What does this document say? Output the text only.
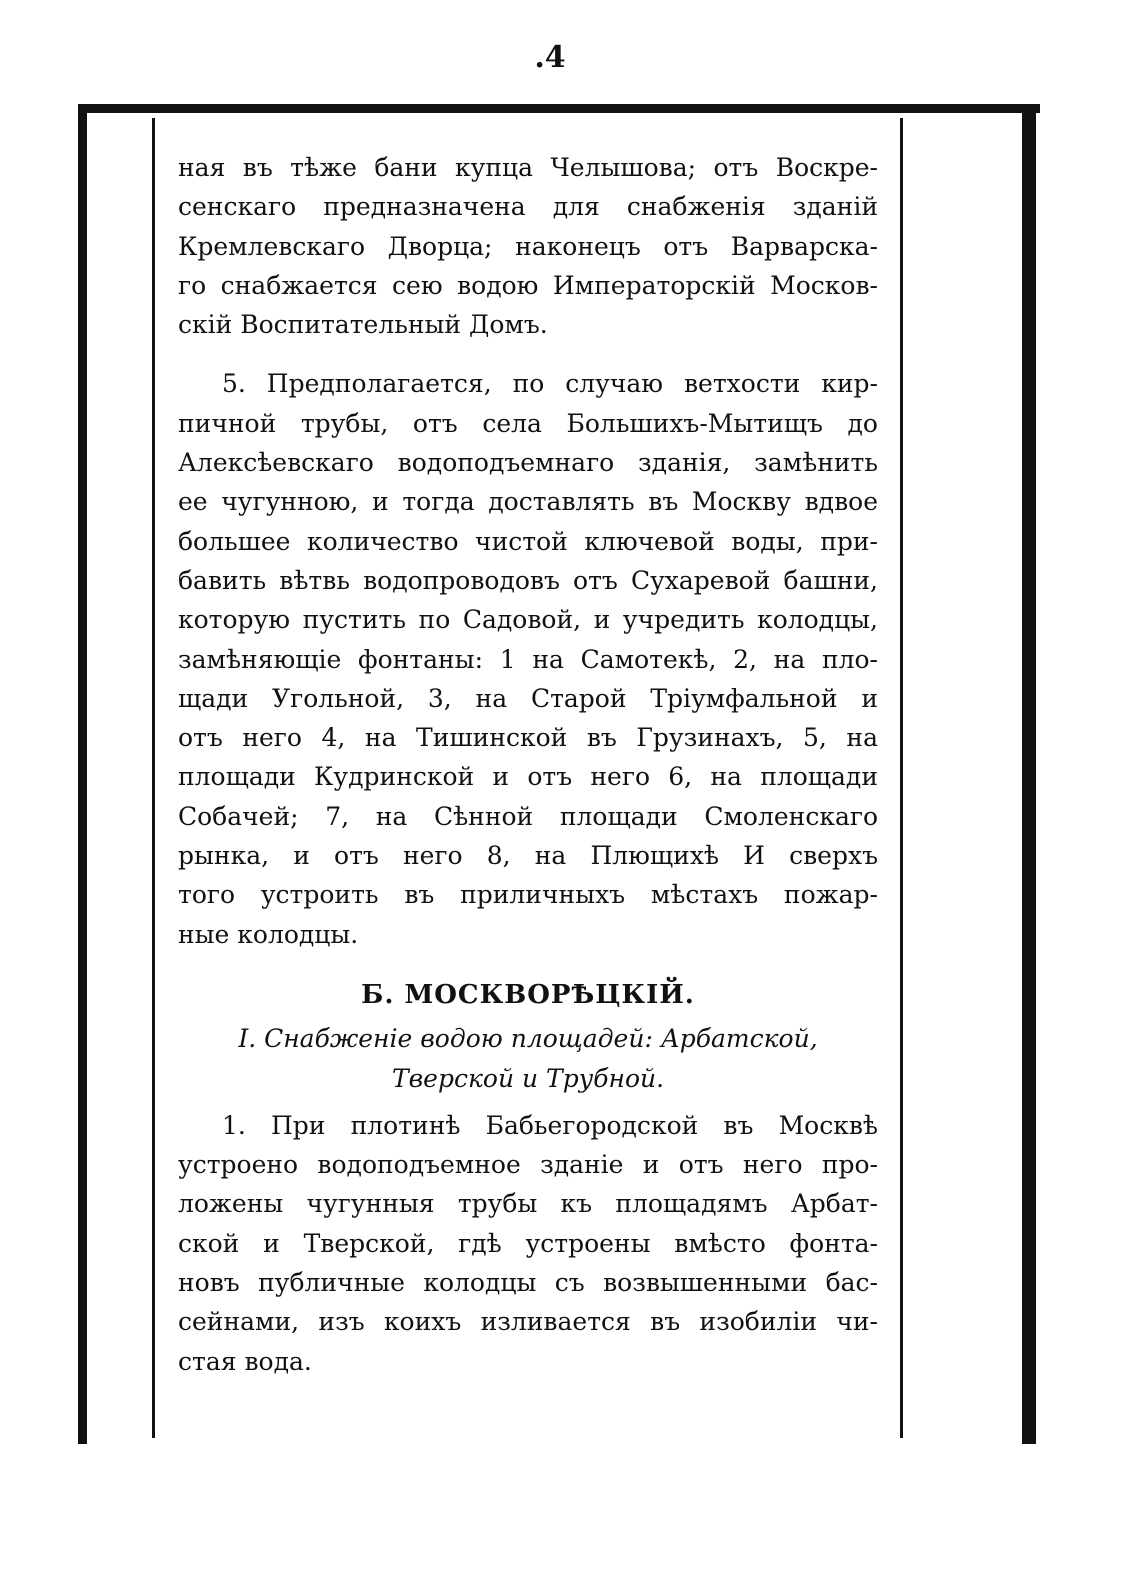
.4
ная въ тѣже бани купца Челышова; отъ Воскре-
сенскаго предназначена для снабженія зданій
Кремлевскаго Дворца; наконецъ отъ Варварска-
го снабжается сею водою Императорскій Москов-
скій Воспитательный Домъ.
5. Предполагается, по случаю ветхости кир-
пичной трубы, отъ села Большихъ-Мытищъ до
Алексѣевскаго водоподъемнаго зданія, замѣнить
ее чугунною, и тогда доставлять въ Москву вдвое
большее количество чистой ключевой воды, при-
бавить вѣтвь водопроводовъ отъ Сухаревой башни,
которую пустить по Садовой, и учредить колодцы,
замѣняющіе фонтаны: 1 на Самотекѣ, 2, на пло-
щади Угольной, 3, на Старой Тріумфальной и
отъ него 4, на Тишинской въ Грузинахъ, 5, на
площади Кудринской и отъ него 6, на площади
Собачей; 7, на Сѣнной площади Смоленскаго
рынка, и отъ него 8, на Плющихѣ И сверхъ
того устроить въ приличныхъ мѣстахъ пожар-
ные колодцы.
Б. МОСКВОРѢЦКІЙ.
I. Снабженіе водою площадей: Арбатской,
Тверской и Трубной.
1. При плотинѣ Бабьегородской въ Москвѣ
устроено водоподъемное зданіе и отъ него про-
ложены чугунныя трубы къ площадямъ Арбат-
ской и Тверской, гдѣ устроены вмѣсто фонта-
новъ публичные колодцы съ возвышенными бас-
сейнами, изъ коихъ изливается въ изобиліи чи-
стая вода.
